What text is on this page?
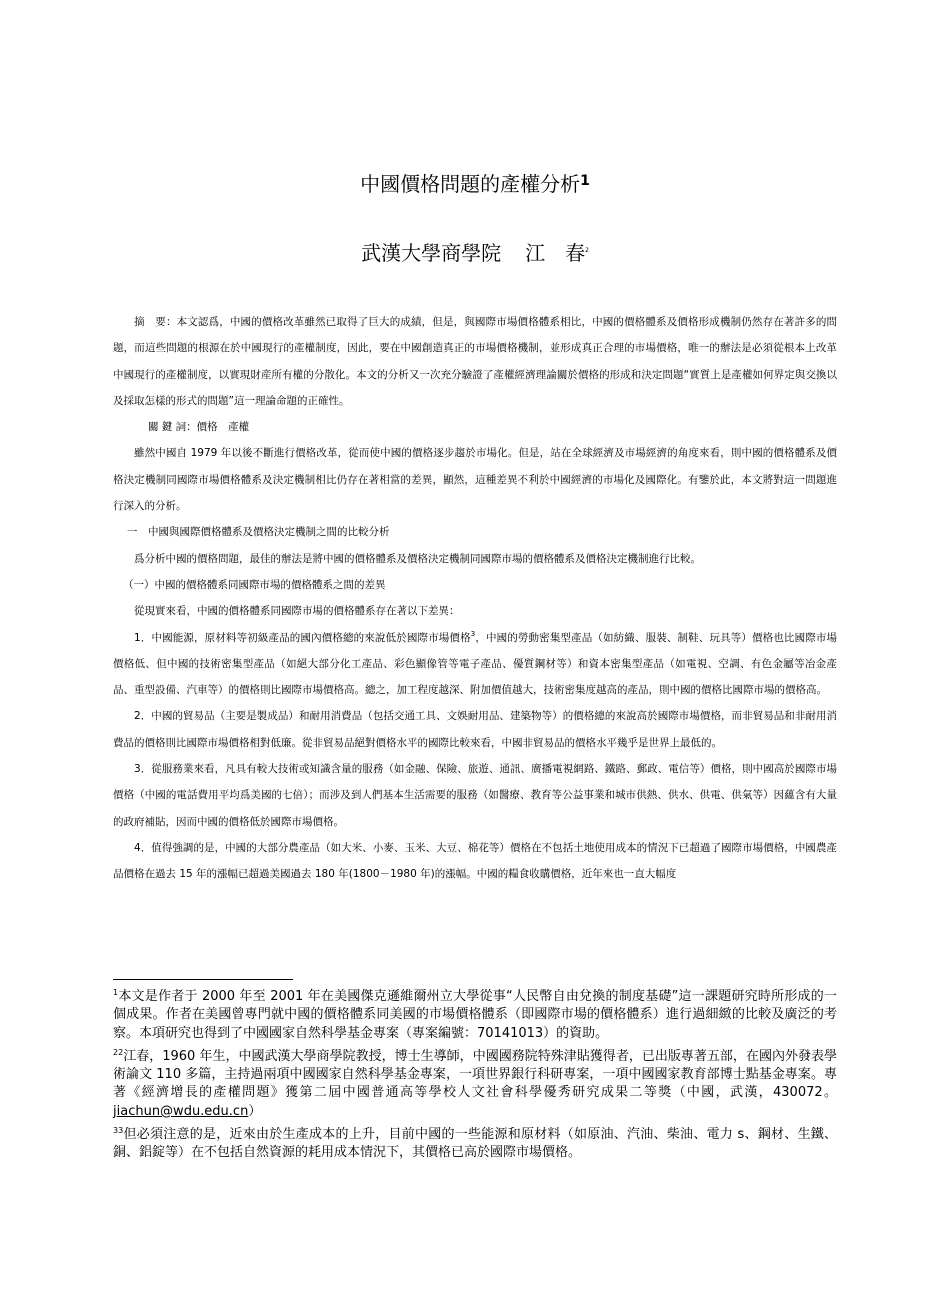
中國價格問題的產權分析$^1$
武漢大學商學院 江　春$^2$

摘　要：本文認爲，中國的價格改革雖然已取得了巨大的成績，但是，與國際市場價格體系相比，中國的價格體系及價格形成機制仍然存在著許多的問題，而這些問題的根源在於中國現行的產權制度，因此，要在中國創造真正的市場價格機制，並形成真正合理的市場價格，唯一的辦法是必須從根本上改革中國現行的產權制度，以實現財産所有權的分散化。本文的分析又一次充分驗證了產權經濟理論關於價格的形成和決定問題“實質上是產權如何界定與交換以及採取怎樣的形式的問題”這一理論命題的正確性。

關 鍵 詞：價格　產權

雖然中國自 1979 年以後不斷進行價格改革，從而使中國的價格逐步趨於市場化。但是，站在全球經濟及市場經濟的角度來看，則中國的價格體系及價格決定機制同國際市場價格體系及決定機制相比仍存在著相當的差異，顯然，這種差異不利於中國經濟的市場化及國際化。有鑒於此，本文將對這一問題進行深入的分析。

一　中國與國際價格體系及價格決定機制之間的比較分析

爲分析中國的價格問題，最佳的辦法是將中國的價格體系及價格決定機制同國際市場的價格體系及價格決定機制進行比較。

（一）中國的價格體系同國際市場的價格體系之間的差異

從現實來看，中國的價格體系同國際市場的價格體系存在著以下差異：

1．中國能源，原材料等初級產品的國內價格總的來說低於國際市場價格$^3$，中國的勞動密集型產品（如紡織、服裝、制鞋、玩具等）價格也比國際市場價格低、但中國的技術密集型產品（如絕大部分化工產品、彩色顯像管等電子產品、優質鋼材等）和資本密集型產品（如電視、空調、有色金屬等冶金產品、重型設備、汽車等）的價格則比國際市場價格高。總之，加工程度越深、附加價值越大，技術密集度越高的產品，則中國的價格比國際市場的價格高。

2．中國的貿易品（主要是製成品）和耐用消費品（包括交通工具、文娛耐用品、建築物等）的價格總的來說高於國際市場價格，而非貿易品和非耐用消費品的價格則比國際市場價格相對低廉。從非貿易品絕對價格水平的國際比較來看，中國非貿易品的價格水平幾乎是世界上最低的。

3．從服務業來看，凡具有較大技術或知識含量的服務（如金融、保險、旅遊、通訊、廣播電視網路、鐵路、郵政、電信等）價格，則中國高於國際市場價格（中國的電話費用平均爲美國的七倍）；而涉及到人們基本生活需要的服務（如醫療、教育等公益事業和城市供熱、供水、供電、供氣等）因蘊含有大量的政府補貼，因而中國的價格低於國際市場價格。

4．值得強調的是，中國的大部分農產品（如大米、小麥、玉米、大豆、棉花等）價格在不包括土地使用成本的情況下已超過了國際市場價格，中國農產品價格在過去 15 年的漲幅已超過美國過去 180 年(1800－1980 年)的漲幅。中國的糧食收購價格，近年來也一直大幅度

$^1$本文是作者于 2000 年至 2001 年在美國傑克遜維爾州立大學從事“人民幣自由兌換的制度基礎”這一課題研究時所形成的一個成果。作者在美國曾專門就中國的價格體系同美國的市場價格體系（即國際市場的價格體系）進行過細緻的比較及廣泛的考察。本項研究也得到了中國國家自然科學基金專案（專案編號：70141013）的資助。

$^{22}$江春，1960 年生，中國武漢大學商學院教授，博士生導師，中國國務院特殊津貼獲得者，已出版專著五部，在國內外發表學術論文 110 多篇，主持過兩項中國國家自然科學基金專案，一項世界銀行科研專案，一項中國國家教育部博士點基金專案。專著《經濟增長的產權問題》獲第二屆中國普通高等學校人文社會科學優秀研究成果二等獎（中國，武漢，430072。jiachun@wdu.edu.cn）

$^{33}$但必須注意的是，近來由於生產成本的上升，目前中國的一些能源和原材料（如原油、汽油、柴油、電力 s、鋼材、生鐵、銅、鋁錠等）在不包括自然資源的耗用成本情況下，其價格已高於國際市場價格。
